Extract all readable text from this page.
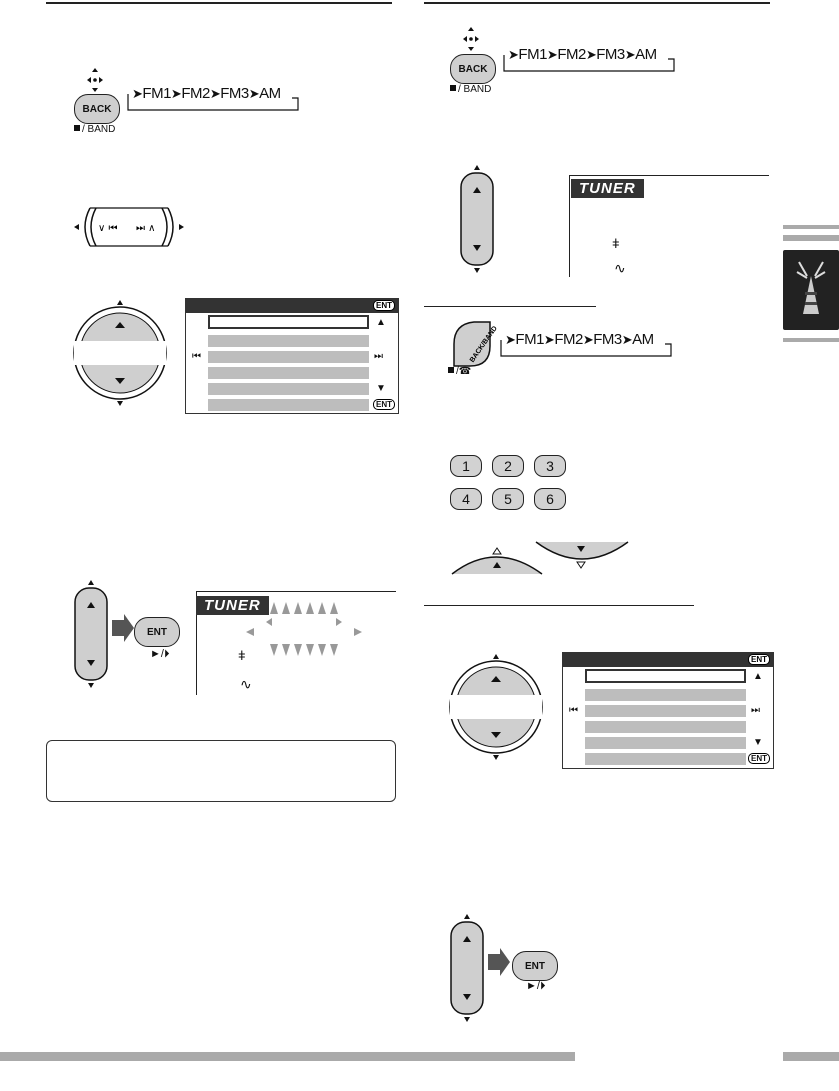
BACK
/ BAND
➤FM1➤FM2➤FM3➤AM
∨ ⏮ ⏭ ∧
ENT
▲
⏮	⏭
▼
ENT
ENT
►/⏵
TUNER
ǂ
∿
BACK
/ BAND
➤FM1➤FM2➤FM3➤AM
TUNER
ǂ
∿
BACK/BAND
/☎
➤FM1➤FM2➤FM3➤AM
1	2	3
4	5	6
ENT
▲
⏮	⏭
▼
ENT
ENT
►/⏵
